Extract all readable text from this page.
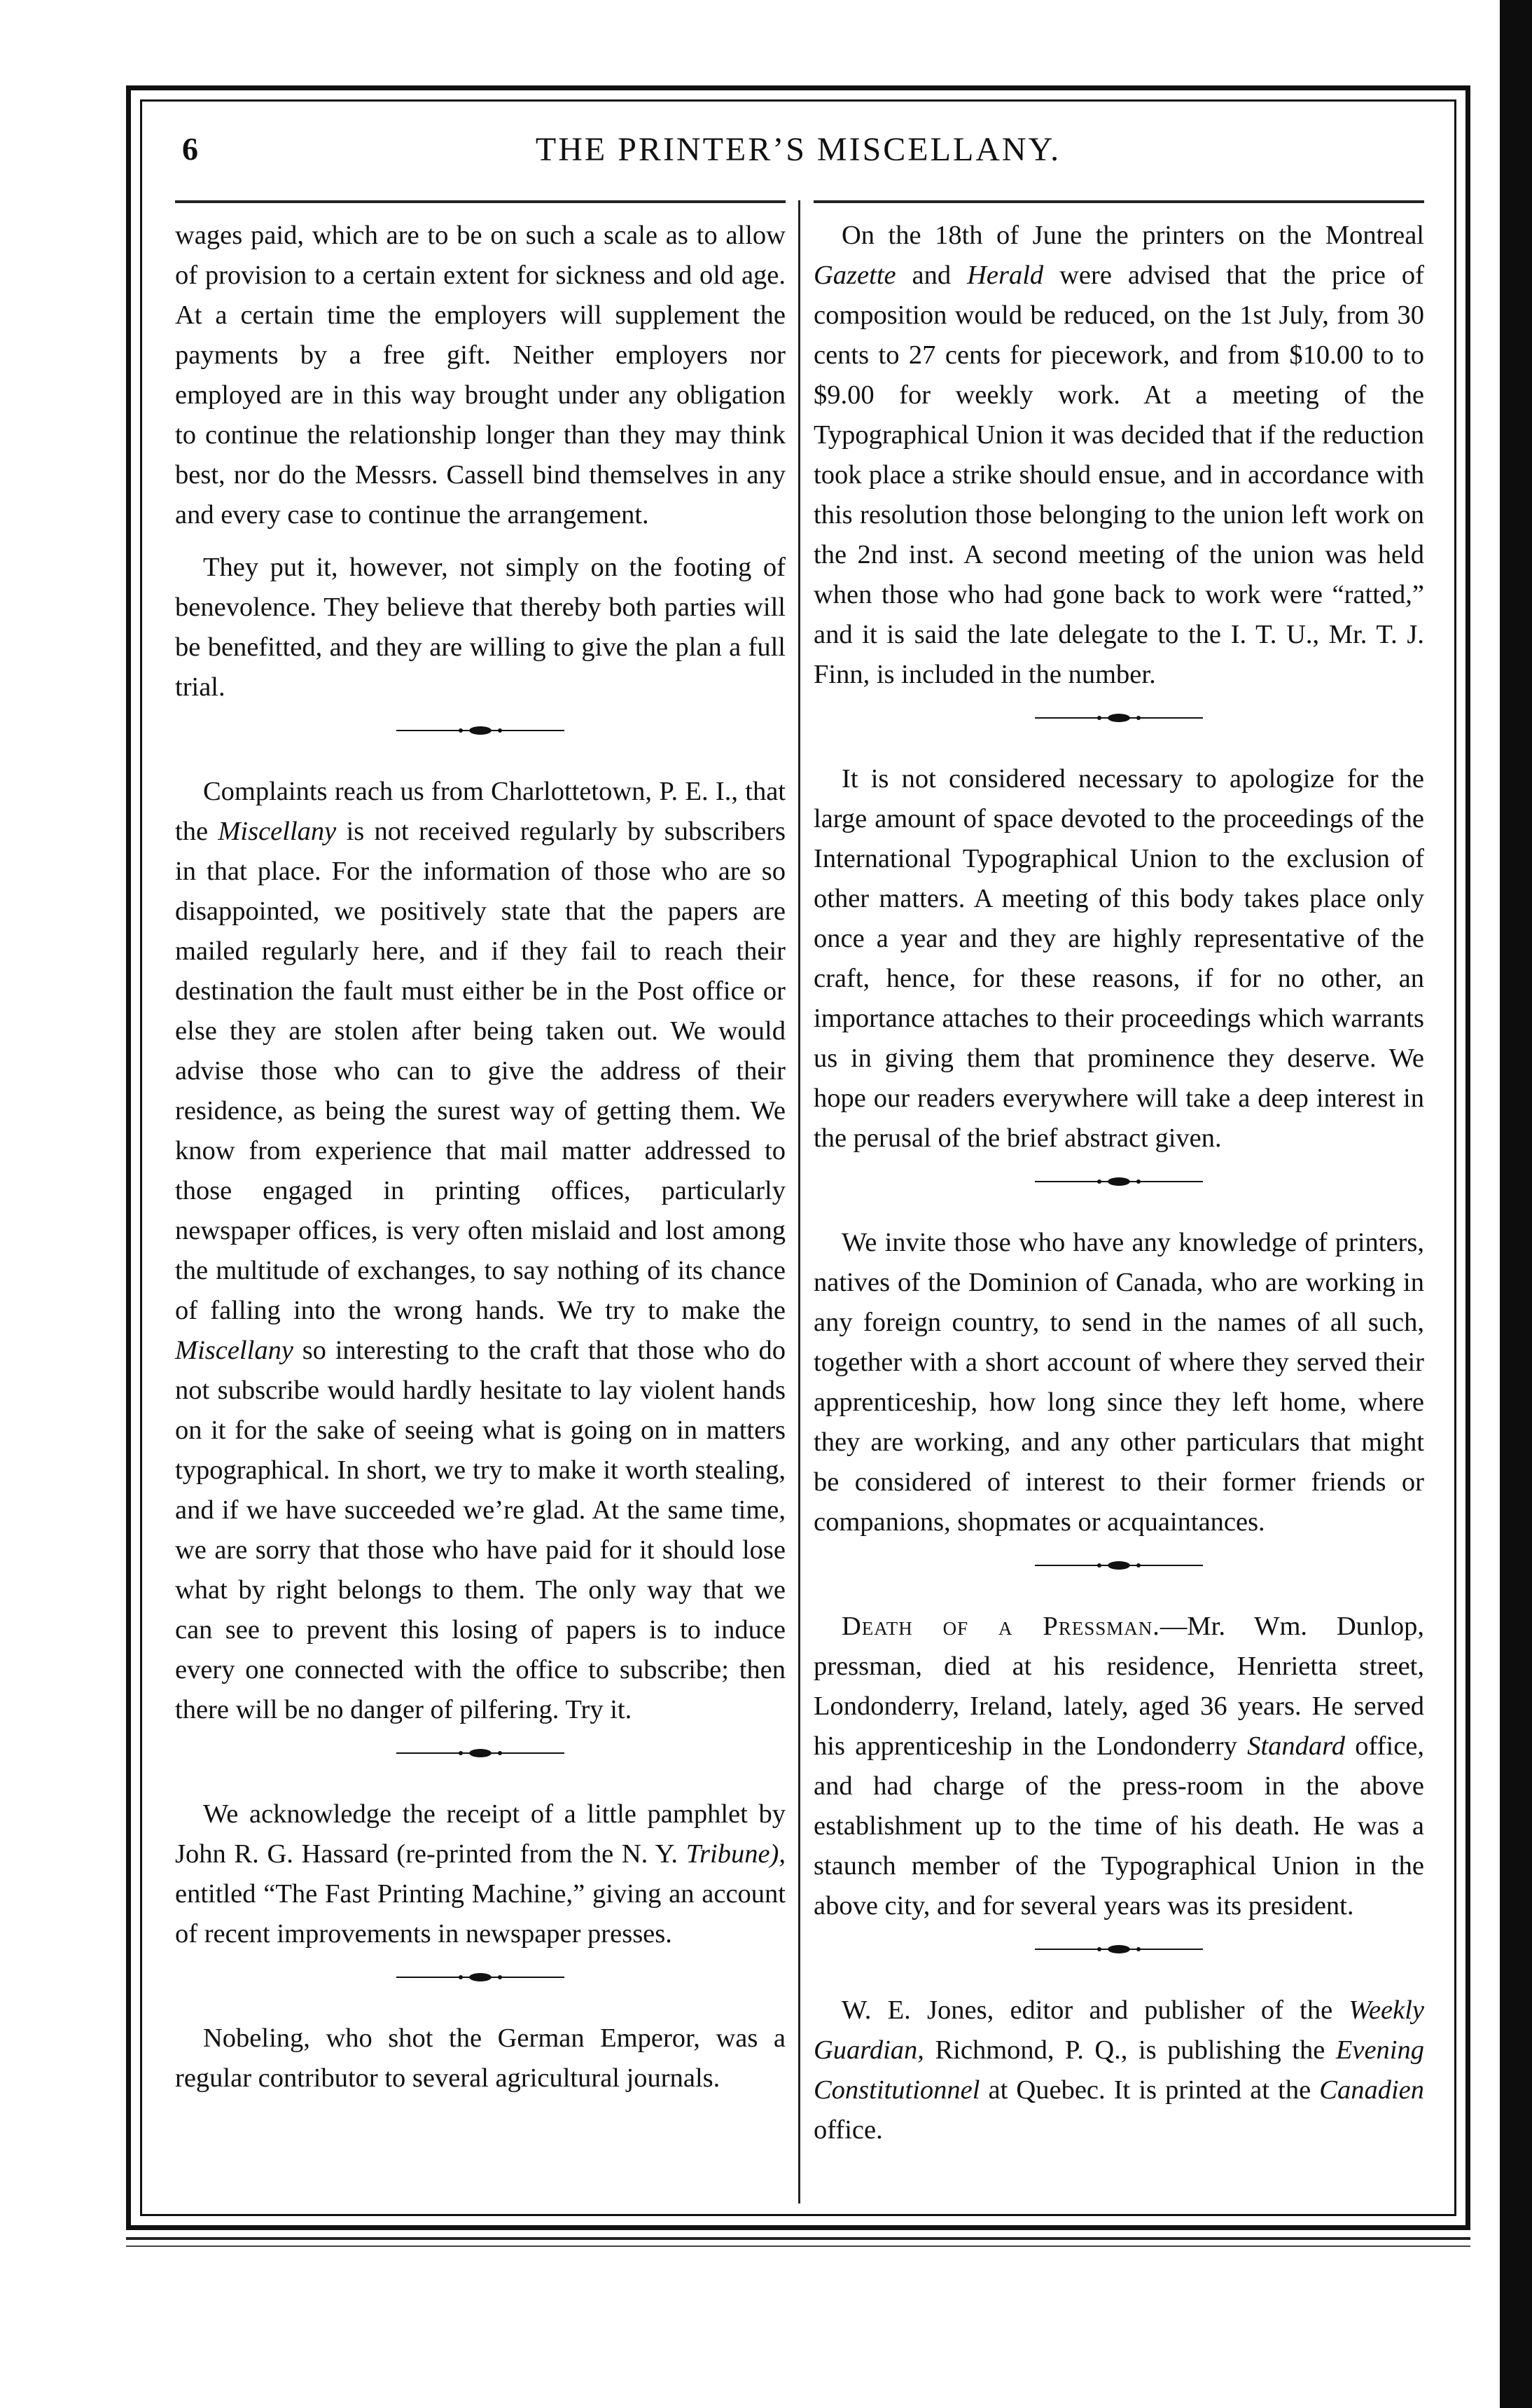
6	THE PRINTER’S MISCELLANY.

wages paid, which are to be on such a scale as to allow of provision to a certain extent for sickness and old age. At a certain time the employers will supplement the payments by a free gift. Neither employers nor employed are in this way brought under any obligation to continue the relationship longer than they may think best, nor do the Messrs. Cassell bind themselves in any and every case to continue the arrangement.

They put it, however, not simply on the footing of benevolence. They believe that thereby both parties will be benefitted, and they are willing to give the plan a full trial.

Complaints reach us from Charlottetown, P. E. I., that the Miscellany is not received regularly by subscribers in that place. For the information of those who are so disappointed, we positively state that the papers are mailed regularly here, and if they fail to reach their destination the fault must either be in the Post office or else they are stolen after being taken out. We would advise those who can to give the address of their residence, as being the surest way of getting them. We know from experience that mail matter addressed to those engaged in printing offices, particularly newspaper offices, is very often mislaid and lost among the multitude of exchanges, to say nothing of its chance of falling into the wrong hands. We try to make the Miscellany so interesting to the craft that those who do not subscribe would hardly hesitate to lay violent hands on it for the sake of seeing what is going on in matters typographical. In short, we try to make it worth stealing, and if we have succeeded we’re glad. At the same time, we are sorry that those who have paid for it should lose what by right belongs to them. The only way that we can see to prevent this losing of papers is to induce every one connected with the office to subscribe; then there will be no danger of pilfering. Try it.

We acknowledge the receipt of a little pamphlet by John R. G. Hassard (re-printed from the N. Y. Tribune), entitled “The Fast Printing Machine,” giving an account of recent improvements in newspaper presses.

Nobeling, who shot the German Emperor, was a regular contributor to several agricultural journals.

On the 18th of June the printers on the Montreal Gazette and Herald were advised that the price of composition would be reduced, on the 1st July, from 30 cents to 27 cents for piecework, and from $10.00 to to $9.00 for weekly work. At a meeting of the Typographical Union it was decided that if the reduction took place a strike should ensue, and in accordance with this resolution those belonging to the union left work on the 2nd inst. A second meeting of the union was held when those who had gone back to work were “ratted,” and it is said the late delegate to the I. T. U., Mr. T. J. Finn, is included in the number.

It is not considered necessary to apologize for the large amount of space devoted to the proceedings of the International Typographical Union to the exclusion of other matters. A meeting of this body takes place only once a year and they are highly representative of the craft, hence, for these reasons, if for no other, an importance attaches to their proceedings which warrants us in giving them that prominence they deserve. We hope our readers everywhere will take a deep interest in the perusal of the brief abstract given.

We invite those who have any knowledge of printers, natives of the Dominion of Canada, who are working in any foreign country, to send in the names of all such, together with a short account of where they served their apprenticeship, how long since they left home, where they are working, and any other particulars that might be considered of interest to their former friends or companions, shopmates or acquaintances.

Death of a Pressman.—Mr. Wm. Dunlop, pressman, died at his residence, Henrietta street, Londonderry, Ireland, lately, aged 36 years. He served his apprenticeship in the Londonderry Standard office, and had charge of the press-room in the above establishment up to the time of his death. He was a staunch member of the Typographical Union in the above city, and for several years was its president.

W. E. Jones, editor and publisher of the Weekly Guardian, Richmond, P. Q., is publishing the Evening Constitutionnel at Quebec. It is printed at the Canadien office.
